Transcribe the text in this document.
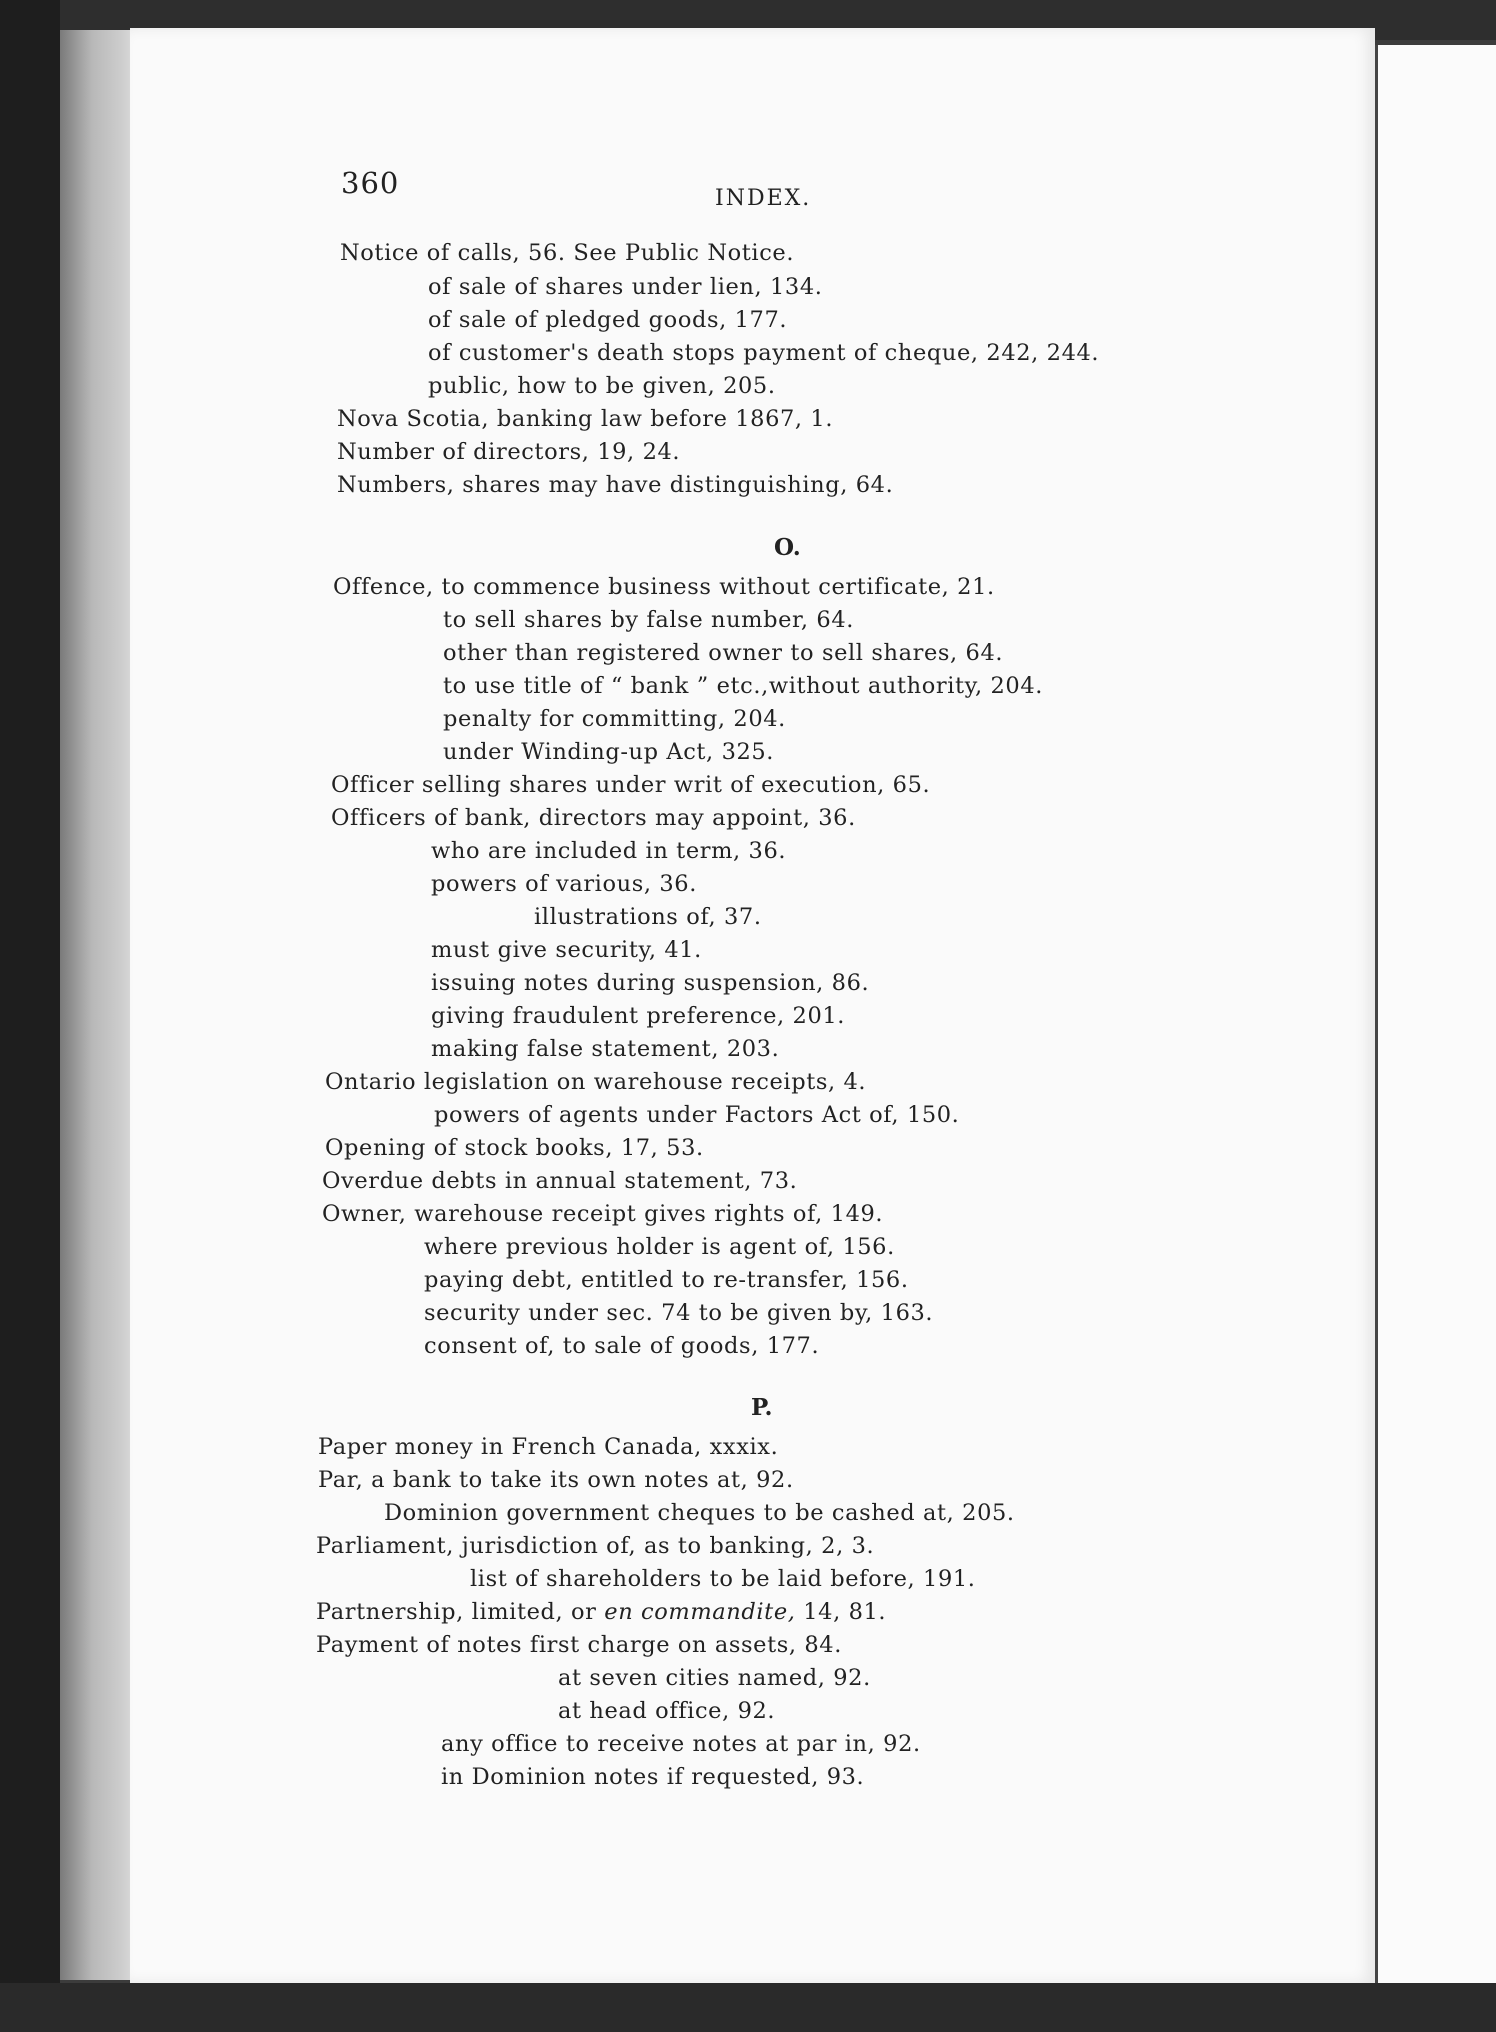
360	INDEX.
Notice of calls, 56. See Public Notice.
of sale of shares under lien, 134.
of sale of pledged goods, 177.
of customer's death stops payment of cheque, 242, 244.
public, how to be given, 205.
Nova Scotia, banking law before 1867, 1.
Number of directors, 19, 24.
Numbers, shares may have distinguishing, 64.
O.
Offence, to commence business without certificate, 21.
to sell shares by false number, 64.
other than registered owner to sell shares, 64.
to use title of “ bank ” etc.,without authority, 204.
penalty for committing, 204.
under Winding-up Act, 325.
Officer selling shares under writ of execution, 65.
Officers of bank, directors may appoint, 36.
who are included in term, 36.
powers of various, 36.
illustrations of, 37.
must give security, 41.
issuing notes during suspension, 86.
giving fraudulent preference, 201.
making false statement, 203.
Ontario legislation on warehouse receipts, 4.
powers of agents under Factors Act of, 150.
Opening of stock books, 17, 53.
Overdue debts in annual statement, 73.
Owner, warehouse receipt gives rights of, 149.
where previous holder is agent of, 156.
paying debt, entitled to re-transfer, 156.
security under sec. 74 to be given by, 163.
consent of, to sale of goods, 177.
P.
Paper money in French Canada, xxxix.
Par, a bank to take its own notes at, 92.
Dominion government cheques to be cashed at, 205.
Parliament, jurisdiction of, as to banking, 2, 3.
list of shareholders to be laid before, 191.
Partnership, limited, or en commandite, 14, 81.
Payment of notes first charge on assets, 84.
at seven cities named, 92.
at head office, 92.
any office to receive notes at par in, 92.
in Dominion notes if requested, 93.
